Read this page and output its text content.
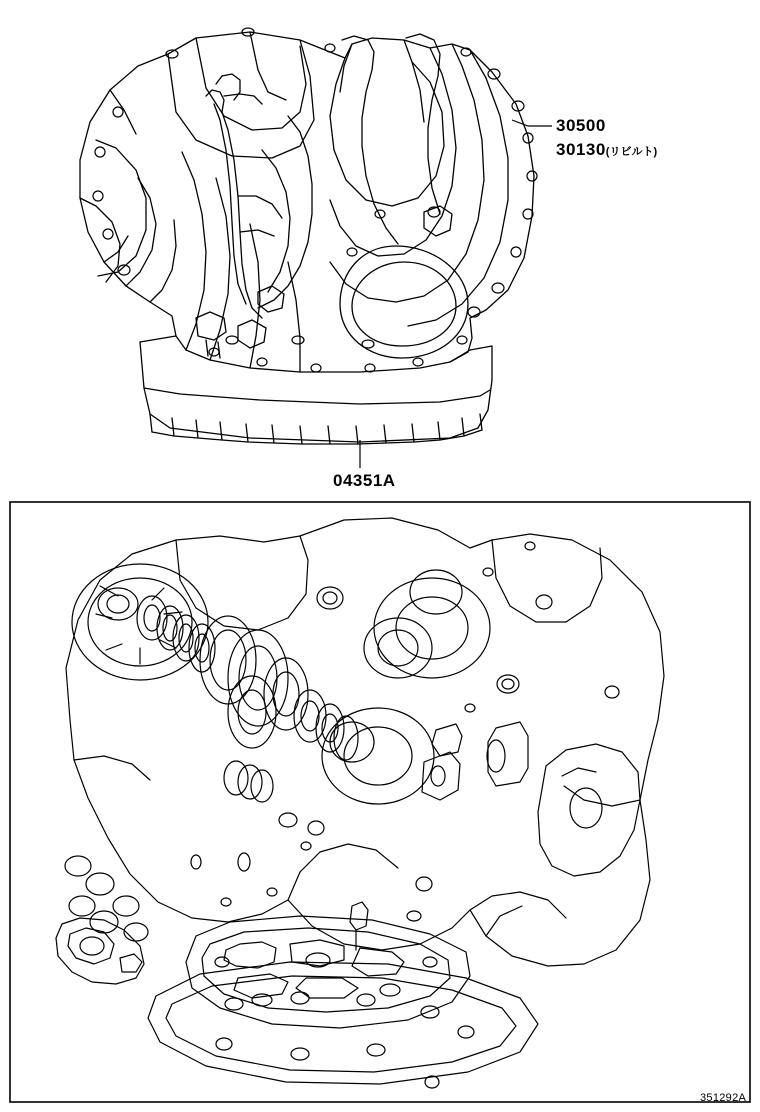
30500
30130(リビルト)
04351A
351292A
